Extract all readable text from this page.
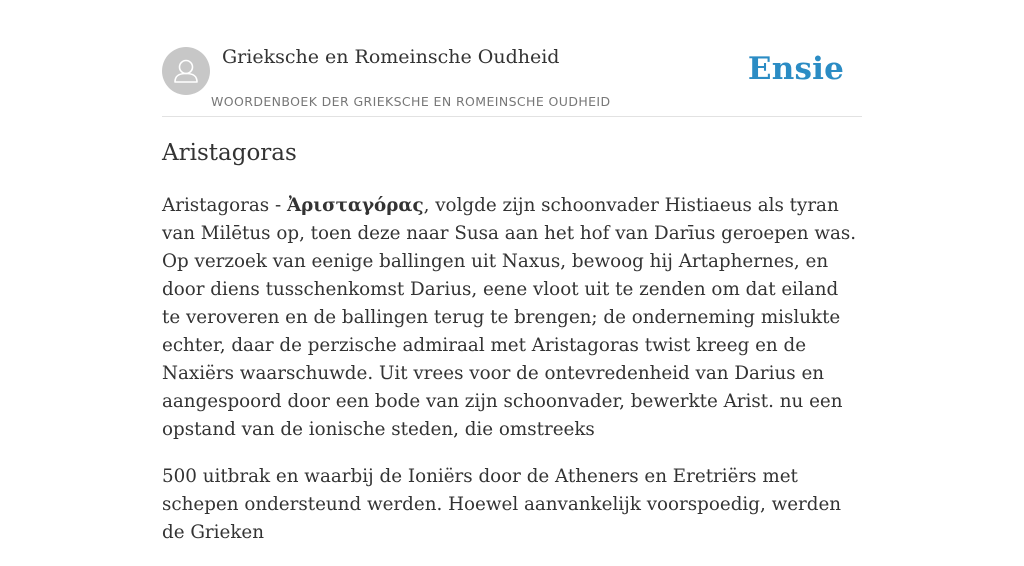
Grieksche en Romeinsche Oudheid
WOORDENBOEK DER GRIEKSCHE EN ROMEINSCHE OUDHEID
Ensie
Aristagoras

Aristagoras - Ἀρισταγόρας, volgde zijn schoonvader Histiaeus als tyran van Milētus op, toen deze naar Susa aan het hof van Darīus geroepen was. Op verzoek van eenige ballingen uit Naxus, bewoog hij Artaphernes, en door diens tusschenkomst Darius, eene vloot uit te zenden om dat eiland te veroveren en de ballingen terug te brengen; de onderneming mislukte echter, daar de perzische admiraal met Aristagoras twist kreeg en de Naxiërs waarschuwde. Uit vrees voor de ontevredenheid van Darius en aangespoord door een bode van zijn schoonvader, bewerkte Arist. nu een opstand van de ionische steden, die omstreeks

500 uitbrak en waarbij de Ioniërs door de Atheners en Eretriërs met schepen ondersteund werden. Hoewel aanvankelijk voorspoedig, werden de Grieken
